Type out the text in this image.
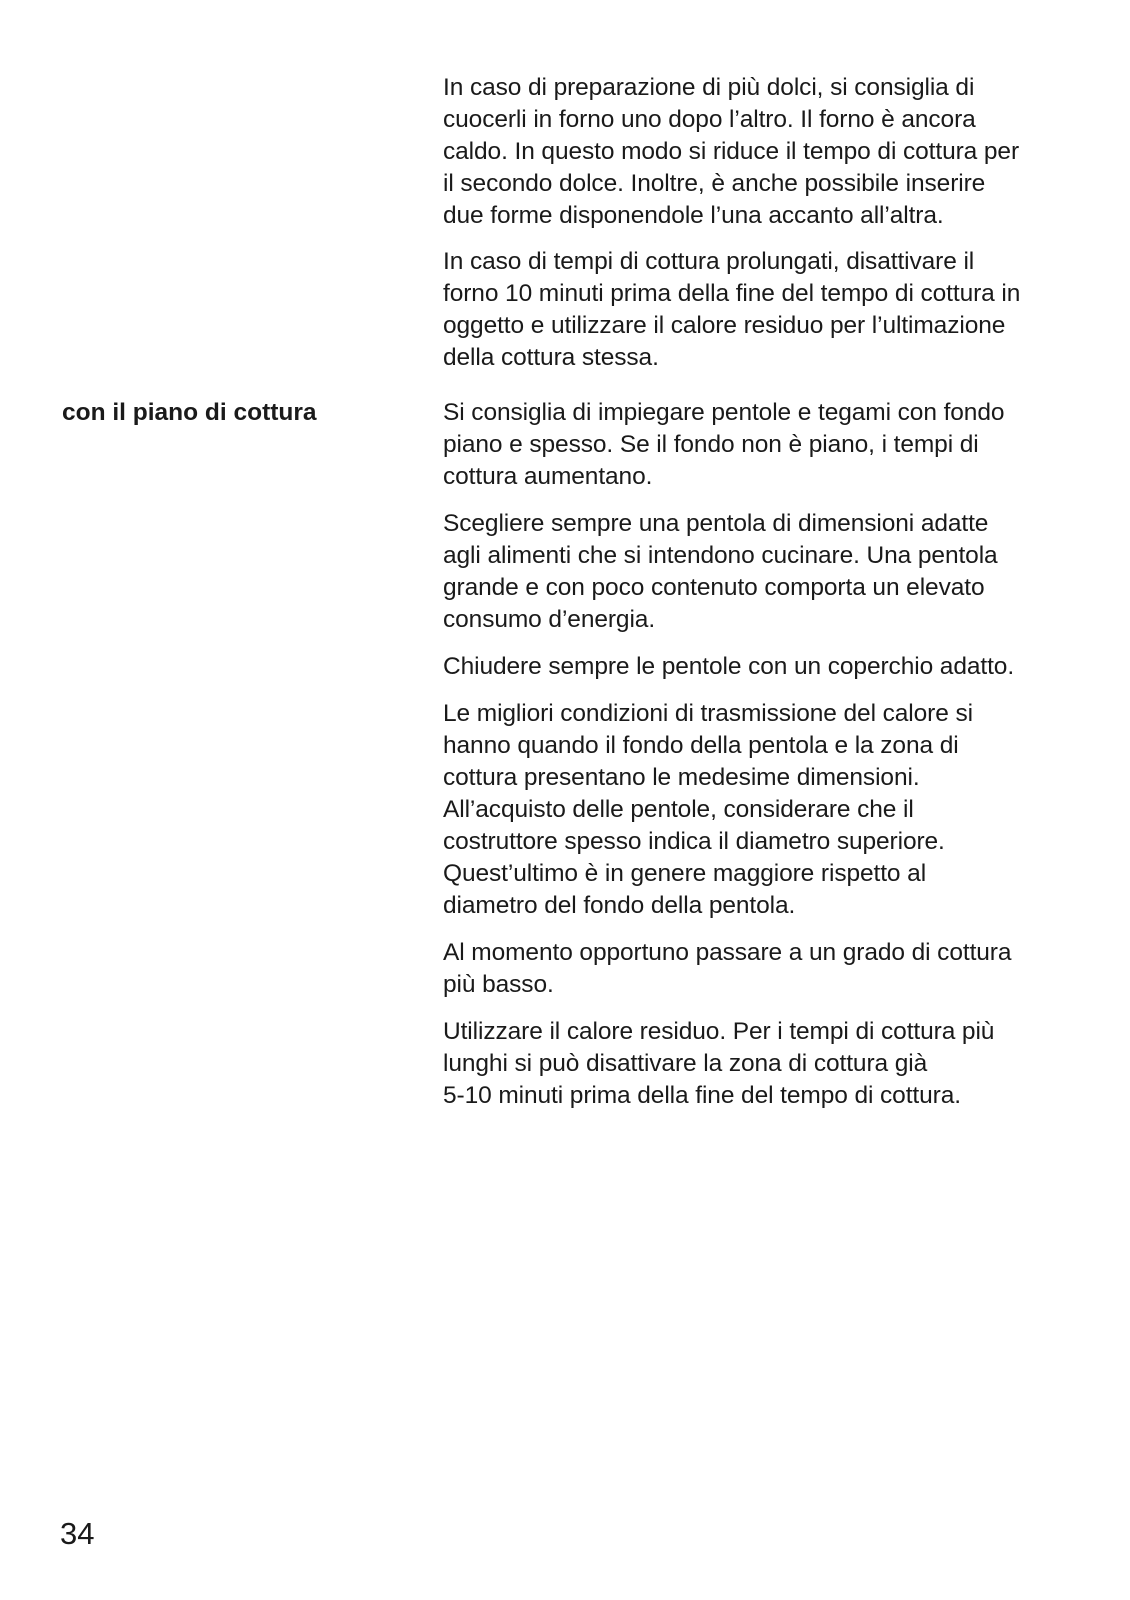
In caso di preparazione di più dolci, si consiglia di
cuocerli in forno uno dopo l’altro. Il forno è ancora
caldo. In questo modo si riduce il tempo di cottura per
il secondo dolce. Inoltre, è anche possibile inserire
due forme disponendole l’una accanto all’altra.

In caso di tempi di cottura prolungati, disattivare il
forno 10 minuti prima della fine del tempo di cottura in
oggetto e utilizzare il calore residuo per l’ultimazione
della cottura stessa.

con il piano di cottura	Si consiglia di impiegare pentole e tegami con fondo
piano e spesso. Se il fondo non è piano, i tempi di
cottura aumentano.

Scegliere sempre una pentola di dimensioni adatte
agli alimenti che si intendono cucinare. Una pentola
grande e con poco contenuto comporta un elevato
consumo d’energia.

Chiudere sempre le pentole con un coperchio adatto.

Le migliori condizioni di trasmissione del calore si
hanno quando il fondo della pentola e la zona di
cottura presentano le medesime dimensioni.
All’acquisto delle pentole, considerare che il
costruttore spesso indica il diametro superiore.
Quest’ultimo è in genere maggiore rispetto al
diametro del fondo della pentola.

Al momento opportuno passare a un grado di cottura
più basso.

Utilizzare il calore residuo. Per i tempi di cottura più
lunghi si può disattivare la zona di cottura già
5-10 minuti prima della fine del tempo di cottura.

34
